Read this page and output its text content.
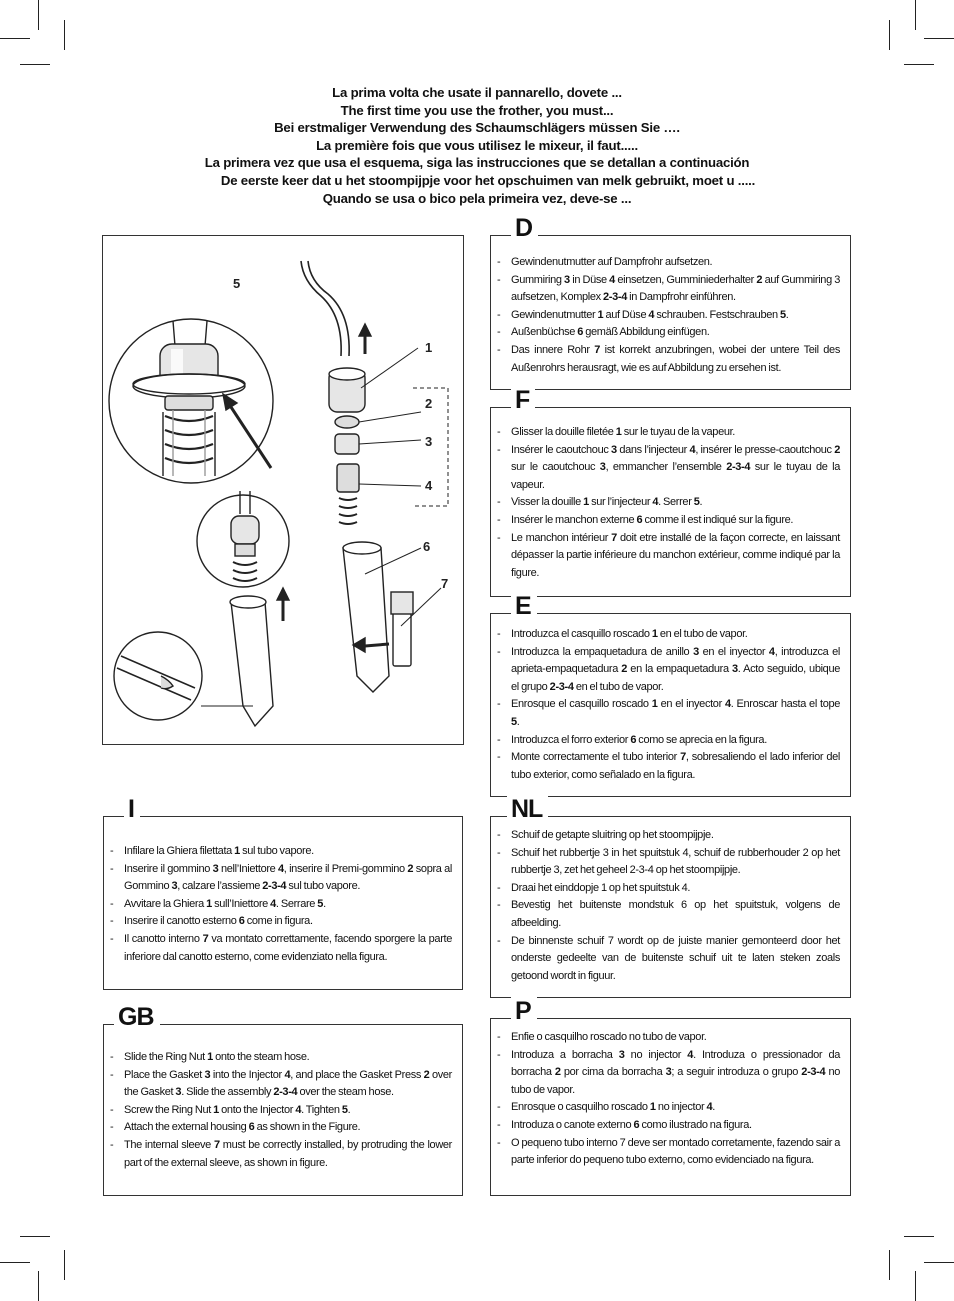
La prima volta che usate il pannarello, dovete ...
The first time you use the frother, you must...
Bei erstmaliger Verwendung des Schaumschlägers müssen Sie ….
La première fois que vous utilisez le mixeur, il faut.....
La primera vez que usa el esquema, siga las instrucciones que se detallan a continuación
De eerste keer dat u het stoompijpje voor het opschuimen van melk gebruikt, moet u .....
Quando se usa o bico pela primeira vez, deve-se ...
5
1
2
3
4
6
7
D
- Gewindenutmutter auf Dampfrohr aufsetzen.
- Gummiring 3 in Düse 4 einsetzen, Gumminiederhalter 2 auf Gummiring 3 aufsetzen, Komplex 2-3-4 in Dampfrohr einführen.
- Gewindenutmutter 1 auf Düse 4 schrauben. Festschrauben 5.
- Außenbüchse 6 gemäß Abbildung einfügen.
- Das innere Rohr 7 ist korrekt anzubringen, wobei der untere Teil des Außenrohrs herausragt, wie es auf Abbildung zu ersehen ist.
F
- Glisser la douille filetée 1 sur le tuyau de la vapeur.
- Insérer le caoutchouc 3 dans l’injecteur 4, insérer le presse-caoutchouc 2 sur le caoutchouc 3, emmancher l’ensemble 2-3-4 sur le tuyau de la vapeur.
- Visser la douille 1 sur l’injecteur 4. Serrer 5.
- Insérer le manchon externe 6 comme il est indiqué sur la figure.
- Le manchon intérieur 7 doit etre installé de la façon correcte, en laissant dépasser la partie inférieure du manchon extérieur, comme indiqué par la figure.
E
- Introduzca el casquillo roscado 1 en el tubo de vapor.
- Introduzca la empaquetadura de anillo 3 en el inyector 4, introduzca el aprieta-empaquetadura 2 en la empaquetadura 3. Acto seguido, ubique el grupo 2-3-4 en el tubo de vapor.
- Enrosque el casquillo roscado 1 en el inyector 4. Enroscar hasta el tope 5.
- Introduzca el forro exterior 6 como se aprecia en la figura.
- Monte correctamente el tubo interior 7, sobresaliendo el lado inferior del tubo exterior, como señalado en la figura.
I
- Infilare la Ghiera filettata 1 sul tubo vapore.
- Inserire il gommino 3 nell’Iniettore 4, inserire il Premi-gommino 2 sopra al Gommino 3, calzare l’assieme 2-3-4 sul tubo vapore.
- Avvitare la Ghiera 1 sull’Iniettore 4. Serrare 5.
- Inserire il canotto esterno 6 come in figura.
- Il canotto interno 7 va montato correttamente, facendo sporgere la parte inferiore dal canotto esterno, come evidenziato nella figura.
NL
- Schuif de getapte sluitring op het stoompijpje.
- Schuif het rubbertje 3 in het spuitstuk 4, schuif de rubberhouder 2 op het rubbertje 3, zet het geheel 2-3-4 op het stoompijpje.
- Draai het einddopje 1 op het spuitstuk 4.
- Bevestig het buitenste mondstuk 6 op het spuitstuk, volgens de afbeelding.
- De binnenste schuif 7 wordt op de juiste manier gemonteerd door het onderste gedeelte van de buitenste schuif uit te laten steken zoals getoond wordt in figuur.
GB
- Slide the Ring Nut 1 onto the steam hose.
- Place the Gasket 3 into the Injector 4, and place the Gasket Press 2 over the Gasket 3. Slide the assembly 2-3-4 over the steam hose.
- Screw the Ring Nut 1 onto the Injector 4. Tighten 5.
- Attach the external housing 6 as shown in the Figure.
- The internal sleeve 7 must be correctly installed, by protruding the lower part of the external sleeve, as shown in figure.
P
- Enfie o casquilho roscado no tubo de vapor.
- Introduza a borracha 3 no injector 4. Introduza o pressionador da borracha 2 por cima da borracha 3; a seguir introduza o grupo 2-3-4 no tubo de vapor.
- Enrosque o casquilho roscado 1 no injector 4.
- Introduza o canote externo 6 como ilustrado na figura.
- O pequeno tubo interno 7 deve ser montado corretamente, fazendo sair a parte inferior do pequeno tubo externo, como evidenciado na figura.
